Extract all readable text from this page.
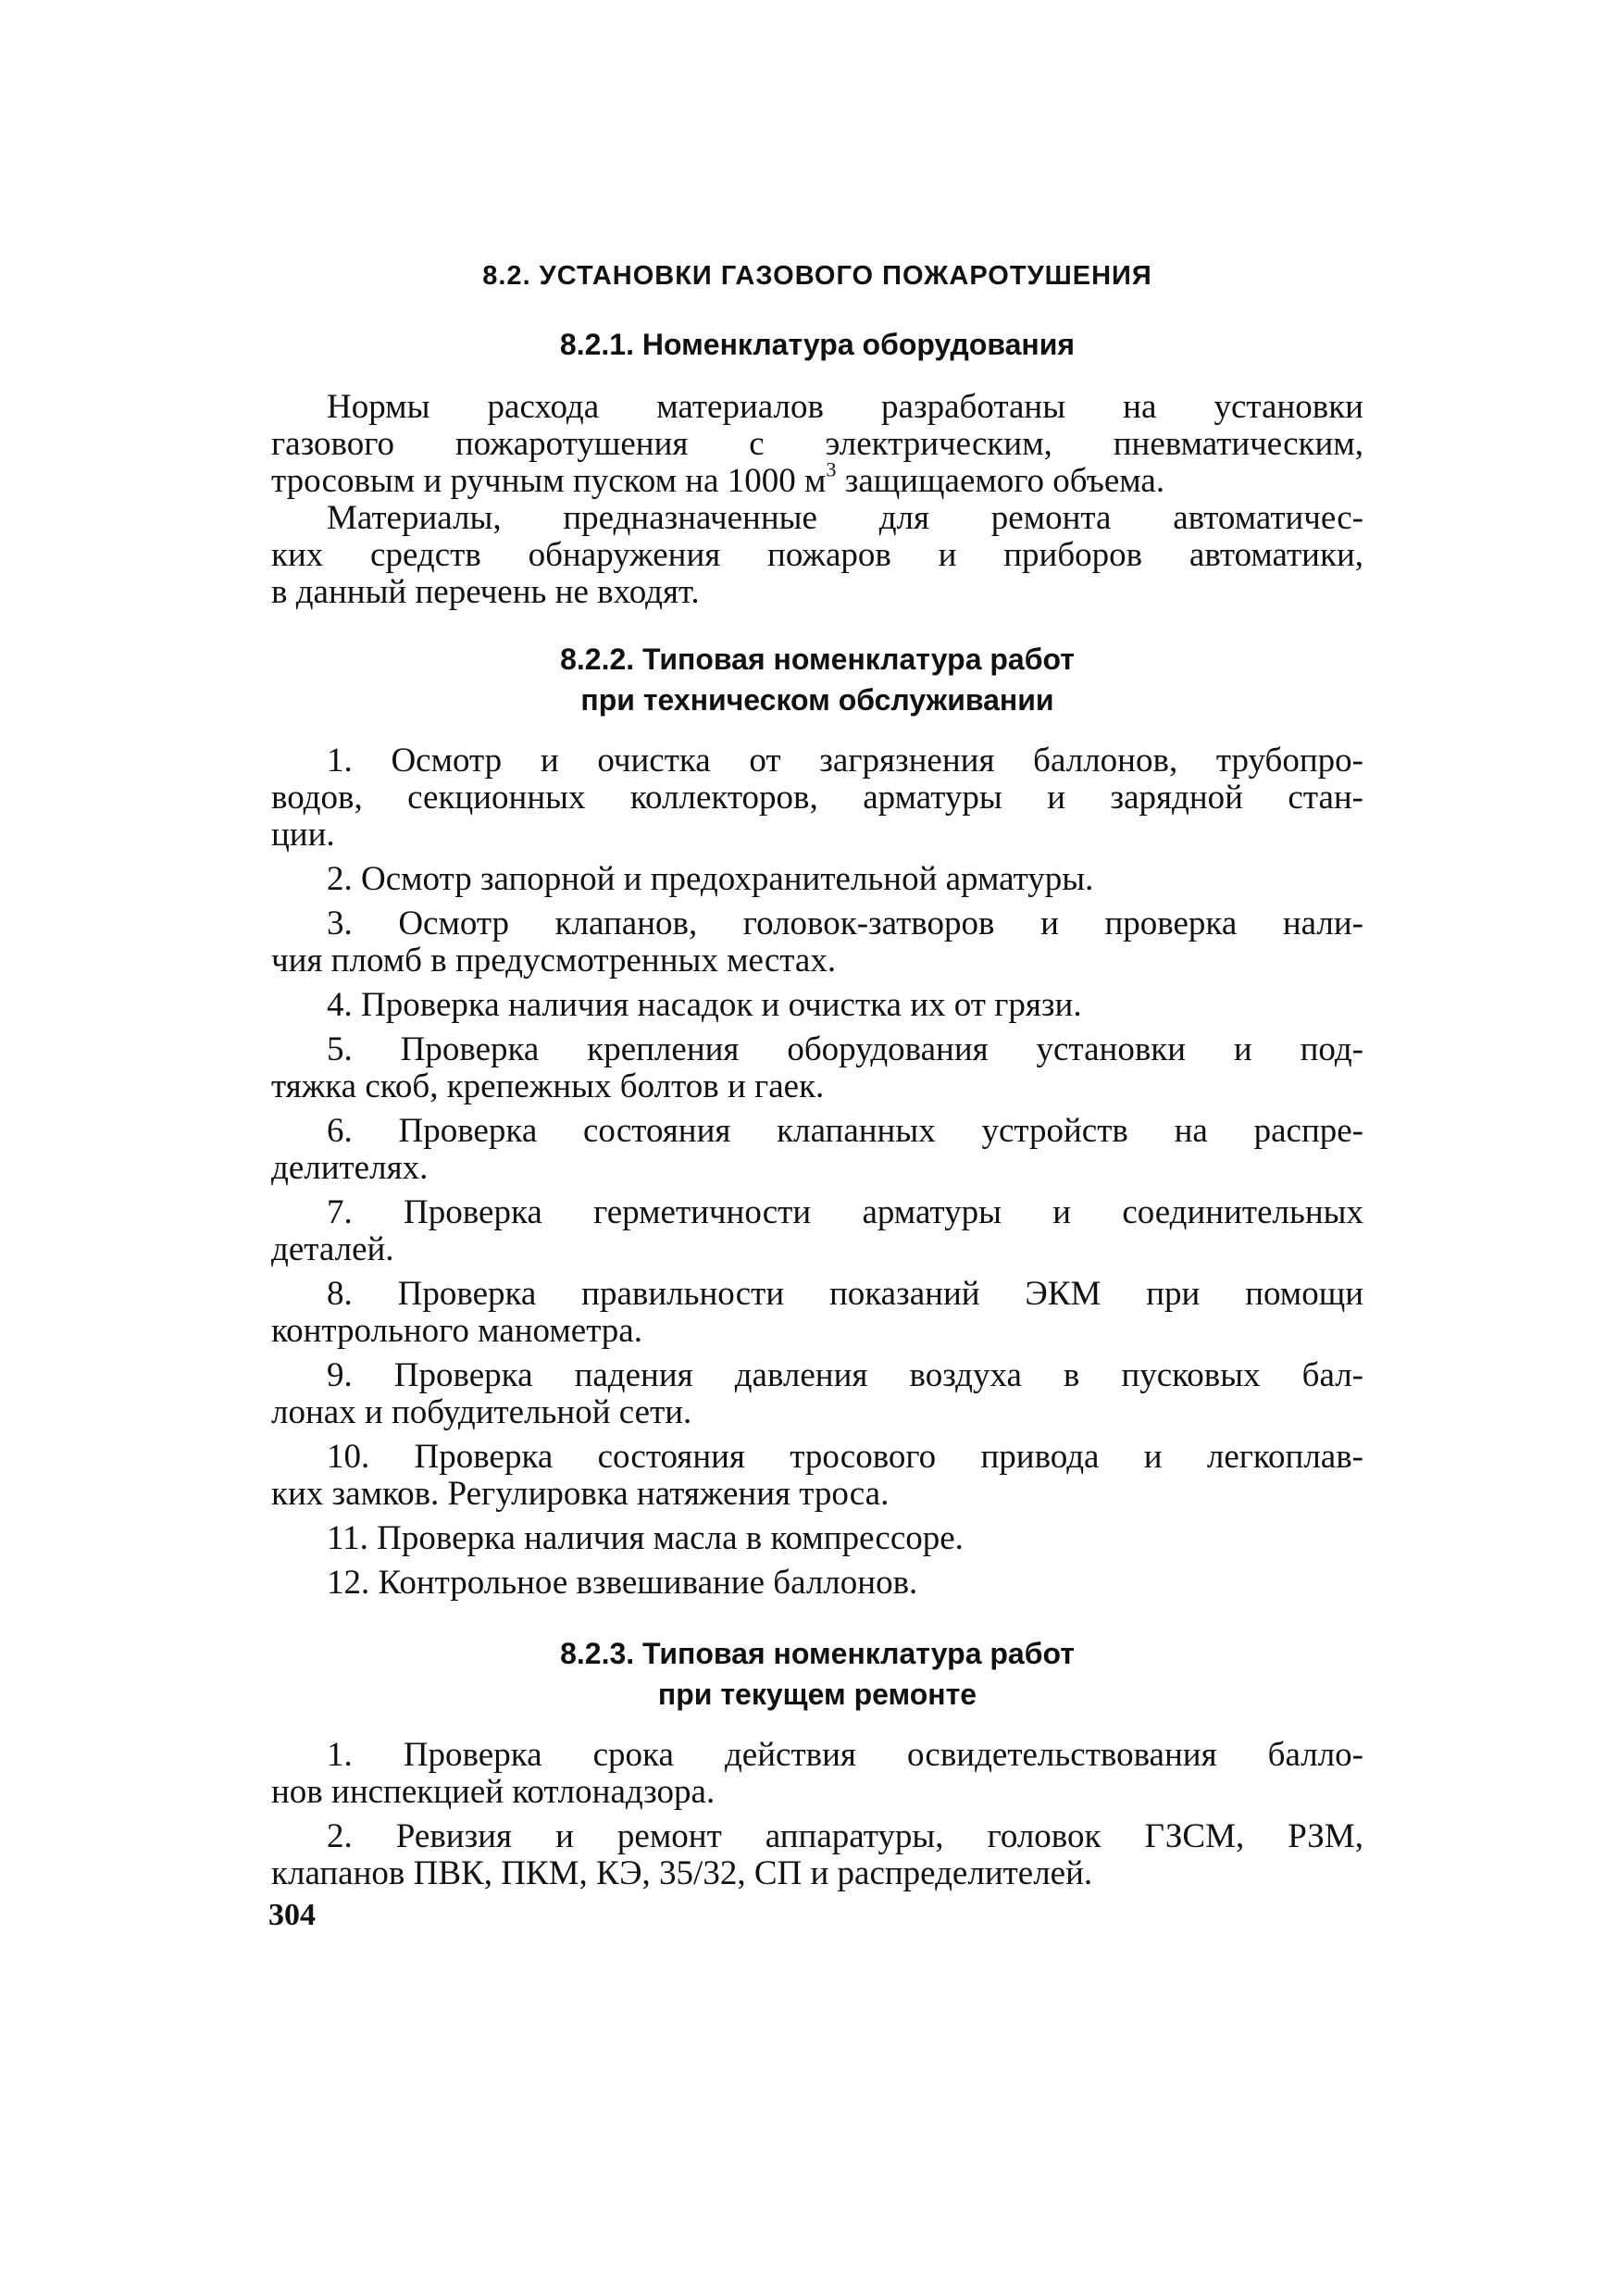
8.2. УСТАНОВКИ ГАЗОВОГО ПОЖАРОТУШЕНИЯ
8.2.1. Номенклатура оборудования
Нормы расхода материалов разработаны на установки
газового пожаротушения с электрическим, пневматическим,
тросовым и ручным пуском на 1000 $м^3$ защищаемого объема.
Материалы, предназначенные для ремонта автоматичес-
ких средств обнаружения пожаров и приборов автоматики,
в данный перечень не входят.
8.2.2. Типовая номенклатура работ
при техническом обслуживании
1. Осмотр и очистка от загрязнения баллонов, трубопро-
водов, секционных коллекторов, арматуры и зарядной стан-
ции.
2. Осмотр запорной и предохранительной арматуры.
3. Осмотр клапанов, головок-затворов и проверка нали-
чия пломб в предусмотренных местах.
4. Проверка наличия насадок и очистка их от грязи.
5. Проверка крепления оборудования установки и под-
тяжка скоб, крепежных болтов и гаек.
6. Проверка состояния клапанных устройств на распре-
делителях.
7. Проверка герметичности арматуры и соединительных
деталей.
8. Проверка правильности показаний ЭКМ при помощи
контрольного манометра.
9. Проверка падения давления воздуха в пусковых бал-
лонах и побудительной сети.
10. Проверка состояния тросового привода и легкоплав-
ких замков. Регулировка натяжения троса.
11. Проверка наличия масла в компрессоре.
12. Контрольное взвешивание баллонов.
8.2.3. Типовая номенклатура работ
при текущем ремонте
1. Проверка срока действия освидетельствования балло-
нов инспекцией котлонадзора.
2. Ревизия и ремонт аппаратуры, головок ГЗСМ, РЗМ,
клапанов ПВК, ПКМ, КЭ, 35/32, СП и распределителей.
304
